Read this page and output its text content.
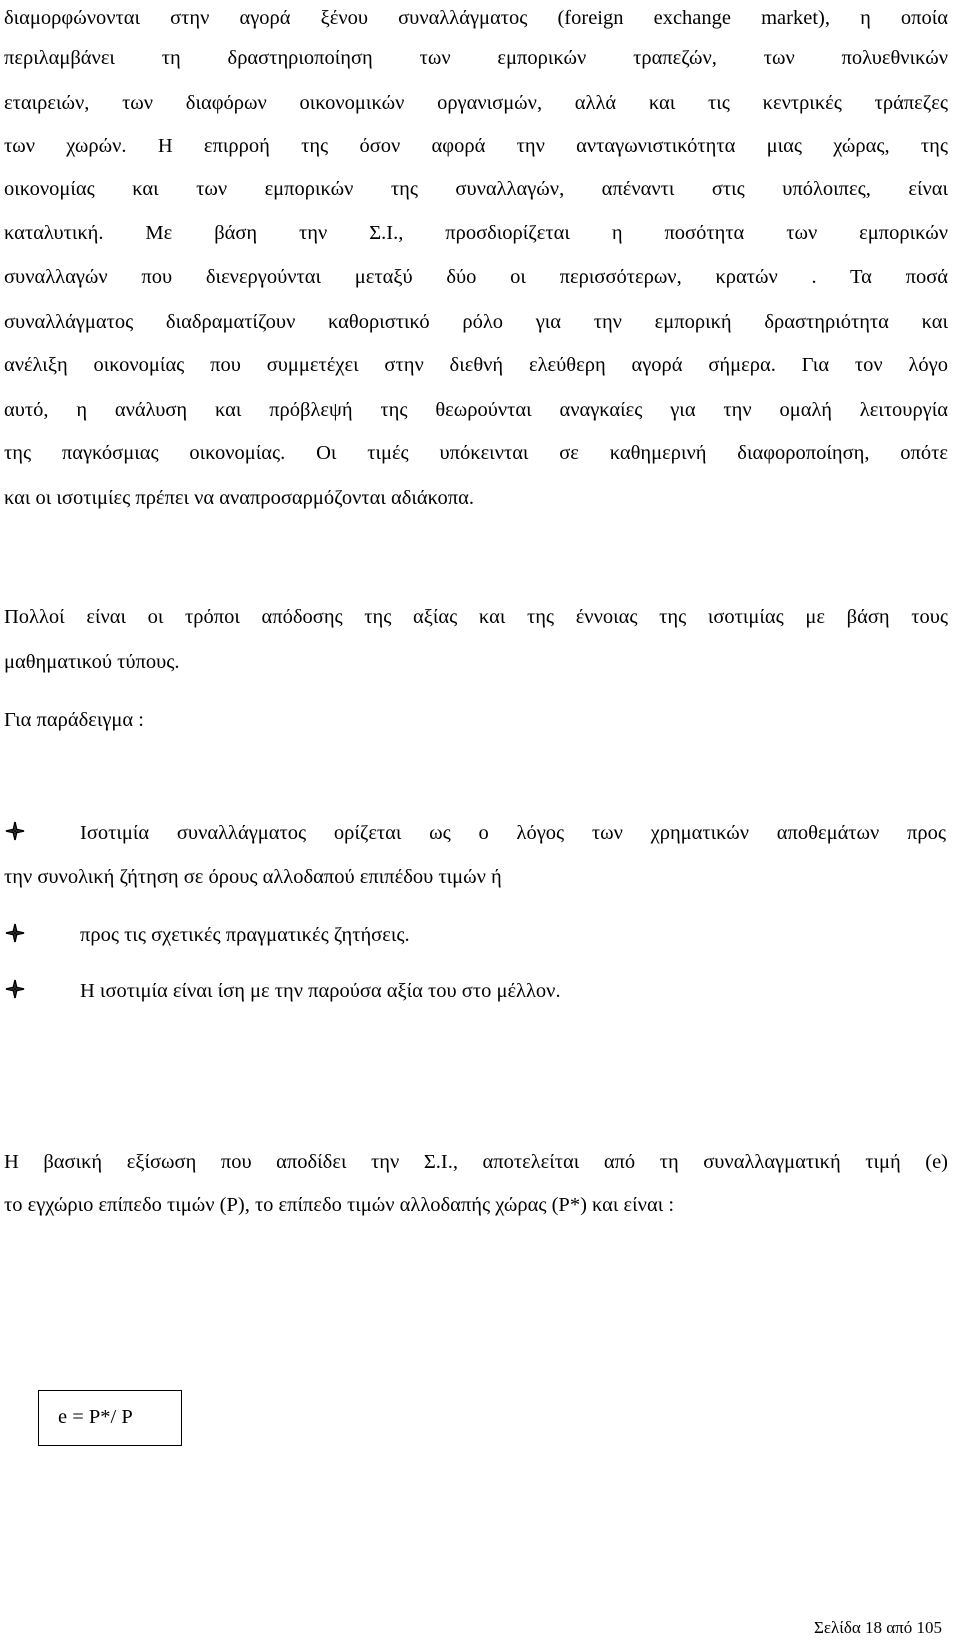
διαμορφώνονται στην αγορά ξένου συναλλάγματος (foreign exchange market), η οποία
περιλαμβάνει τη δραστηριοποίηση των εμπορικών τραπεζών, των πολυεθνικών
εταιρειών, των διαφόρων οικονομικών οργανισμών, αλλά και τις κεντρικές τράπεζες
των χωρών. Η επιρροή της όσον αφορά την ανταγωνιστικότητα μιας χώρας, της
οικονομίας και των εμπορικών της συναλλαγών, απέναντι στις υπόλοιπες, είναι
καταλυτική. Με βάση την Σ.Ι., προσδιορίζεται η ποσότητα των εμπορικών
συναλλαγών που διενεργούνται μεταξύ δύο οι περισσότερων, κρατών . Τα ποσά
συναλλάγματος διαδραματίζουν καθοριστικό ρόλο για την εμπορική δραστηριότητα και
ανέλιξη οικονομίας που συμμετέχει στην διεθνή ελεύθερη αγορά σήμερα. Για τον λόγο
αυτό, η ανάλυση και πρόβλεψή της θεωρούνται αναγκαίες για την ομαλή λειτουργία
της παγκόσμιας οικονομίας. Οι τιμές υπόκεινται σε καθημερινή διαφοροποίηση, οπότε
και οι ισοτιμίες πρέπει να αναπροσαρμόζονται αδιάκοπα.
Πολλοί είναι οι τρόποι απόδοσης της αξίας και της έννοιας της ισοτιμίας με βάση τους
μαθηματικού τύπους.
Για παράδειγμα :
Ισοτιμία συναλλάγματος ορίζεται ως ο λόγος των χρηματικών αποθεμάτων προς
την συνολική ζήτηση σε όρους αλλοδαπού επιπέδου τιμών ή
προς τις σχετικές πραγματικές ζητήσεις.
Η ισοτιμία είναι ίση με την παρούσα αξία του στο μέλλον.
Η βασική εξίσωση που αποδίδει την Σ.Ι., αποτελείται από τη συναλλαγματική τιμή (e)
το εγχώριο επίπεδο τιμών (P), το επίπεδο τιμών αλλοδαπής χώρας (P*) και είναι :
e = P*/ P
Σελίδα 18 από 105
